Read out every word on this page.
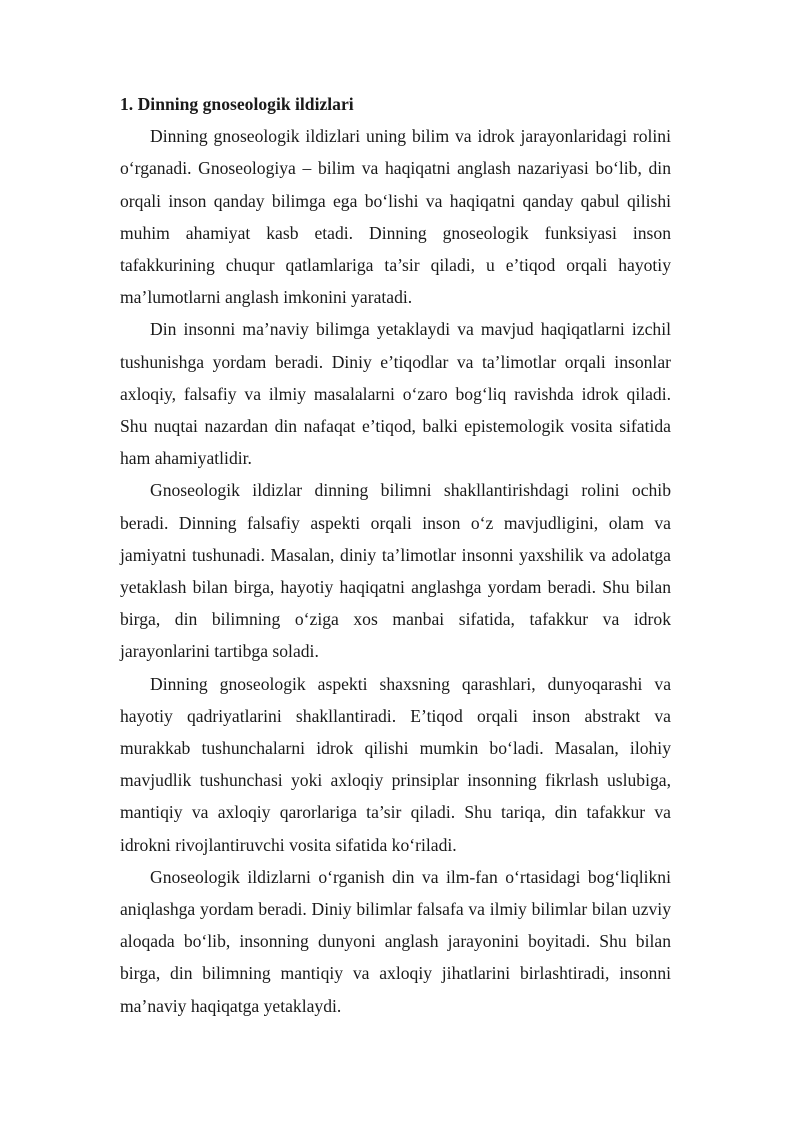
1. Dinning gnoseologik ildizlari

Dinning gnoseologik ildizlari uning bilim va idrok jarayonlaridagi rolini o‘rganadi. Gnoseologiya – bilim va haqiqatni anglash nazariyasi bo‘lib, din orqali inson qanday bilimga ega bo‘lishi va haqiqatni qanday qabul qilishi muhim ahamiyat kasb etadi. Dinning gnoseologik funksiyasi inson tafakkurining chuqur qatlamlariga ta’sir qiladi, u e’tiqod orqali hayotiy ma’lumotlarni anglash imkonini yaratadi.

Din insonni ma’naviy bilimga yetaklaydi va mavjud haqiqatlarni izchil tushunishga yordam beradi. Diniy e’tiqodlar va ta’limotlar orqali insonlar axloqiy, falsafiy va ilmiy masalalarni o‘zaro bog‘liq ravishda idrok qiladi. Shu nuqtai nazardan din nafaqat e’tiqod, balki epistemologik vosita sifatida ham ahamiyatlidir.

Gnoseologik ildizlar dinning bilimni shakllantirishdagi rolini ochib beradi. Dinning falsafiy aspekti orqali inson o‘z mavjudligini, olam va jamiyatni tushunadi. Masalan, diniy ta’limotlar insonni yaxshilik va adolatga yetaklash bilan birga, hayotiy haqiqatni anglashga yordam beradi. Shu bilan birga, din bilimning o‘ziga xos manbai sifatida, tafakkur va idrok jarayonlarini tartibga soladi.

Dinning gnoseologik aspekti shaxsning qarashlari, dunyoqarashi va hayotiy qadriyatlarini shakllantiradi. E’tiqod orqali inson abstrakt va murakkab tushunchalarni idrok qilishi mumkin bo‘ladi. Masalan, ilohiy mavjudlik tushunchasi yoki axloqiy prinsiplar insonning fikrlash uslubiga, mantiqiy va axloqiy qarorlariga ta’sir qiladi. Shu tariqa, din tafakkur va idrokni rivojlantiruvchi vosita sifatida ko‘riladi.

Gnoseologik ildizlarni o‘rganish din va ilm-fan o‘rtasidagi bog‘liqlikni aniqlashga yordam beradi. Diniy bilimlar falsafa va ilmiy bilimlar bilan uzviy aloqada bo‘lib, insonning dunyoni anglash jarayonini boyitadi. Shu bilan birga, din bilimning mantiqiy va axloqiy jihatlarini birlashtiradi, insonni ma’naviy haqiqatga yetaklaydi.
